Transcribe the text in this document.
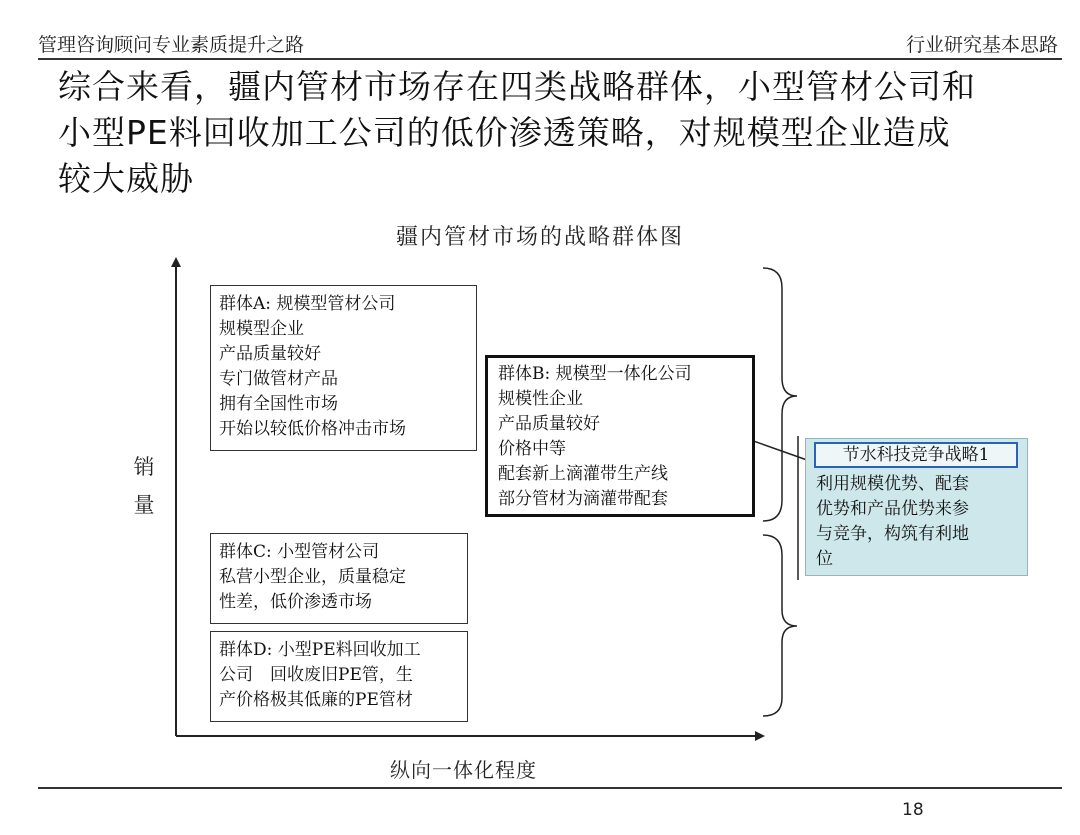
管理咨询顾问专业素质提升之路	行业研究基本思路
综合来看，疆内管材市场存在四类战略群体，小型管材公司和
小型PE料回收加工公司的低价渗透策略，对规模型企业造成
较大威胁
疆内管材市场的战略群体图
销
量
纵向一体化程度
群体A: 规模型管材公司
规模型企业
产品质量较好
专门做管材产品
拥有全国性市场
开始以较低价格冲击市场
群体B: 规模型一体化公司
规模性企业
产品质量较好
价格中等
配套新上滴灌带生产线
部分管材为滴灌带配套
群体C: 小型管材公司
私营小型企业，质量稳定
性差，低价渗透市场
群体D: 小型PE料回收加工
公司　回收废旧PE管，生
产价格极其低廉的PE管材
节水科技竞争战略1
利用规模优势、配套
优势和产品优势来参
与竞争，构筑有利地
位
18
